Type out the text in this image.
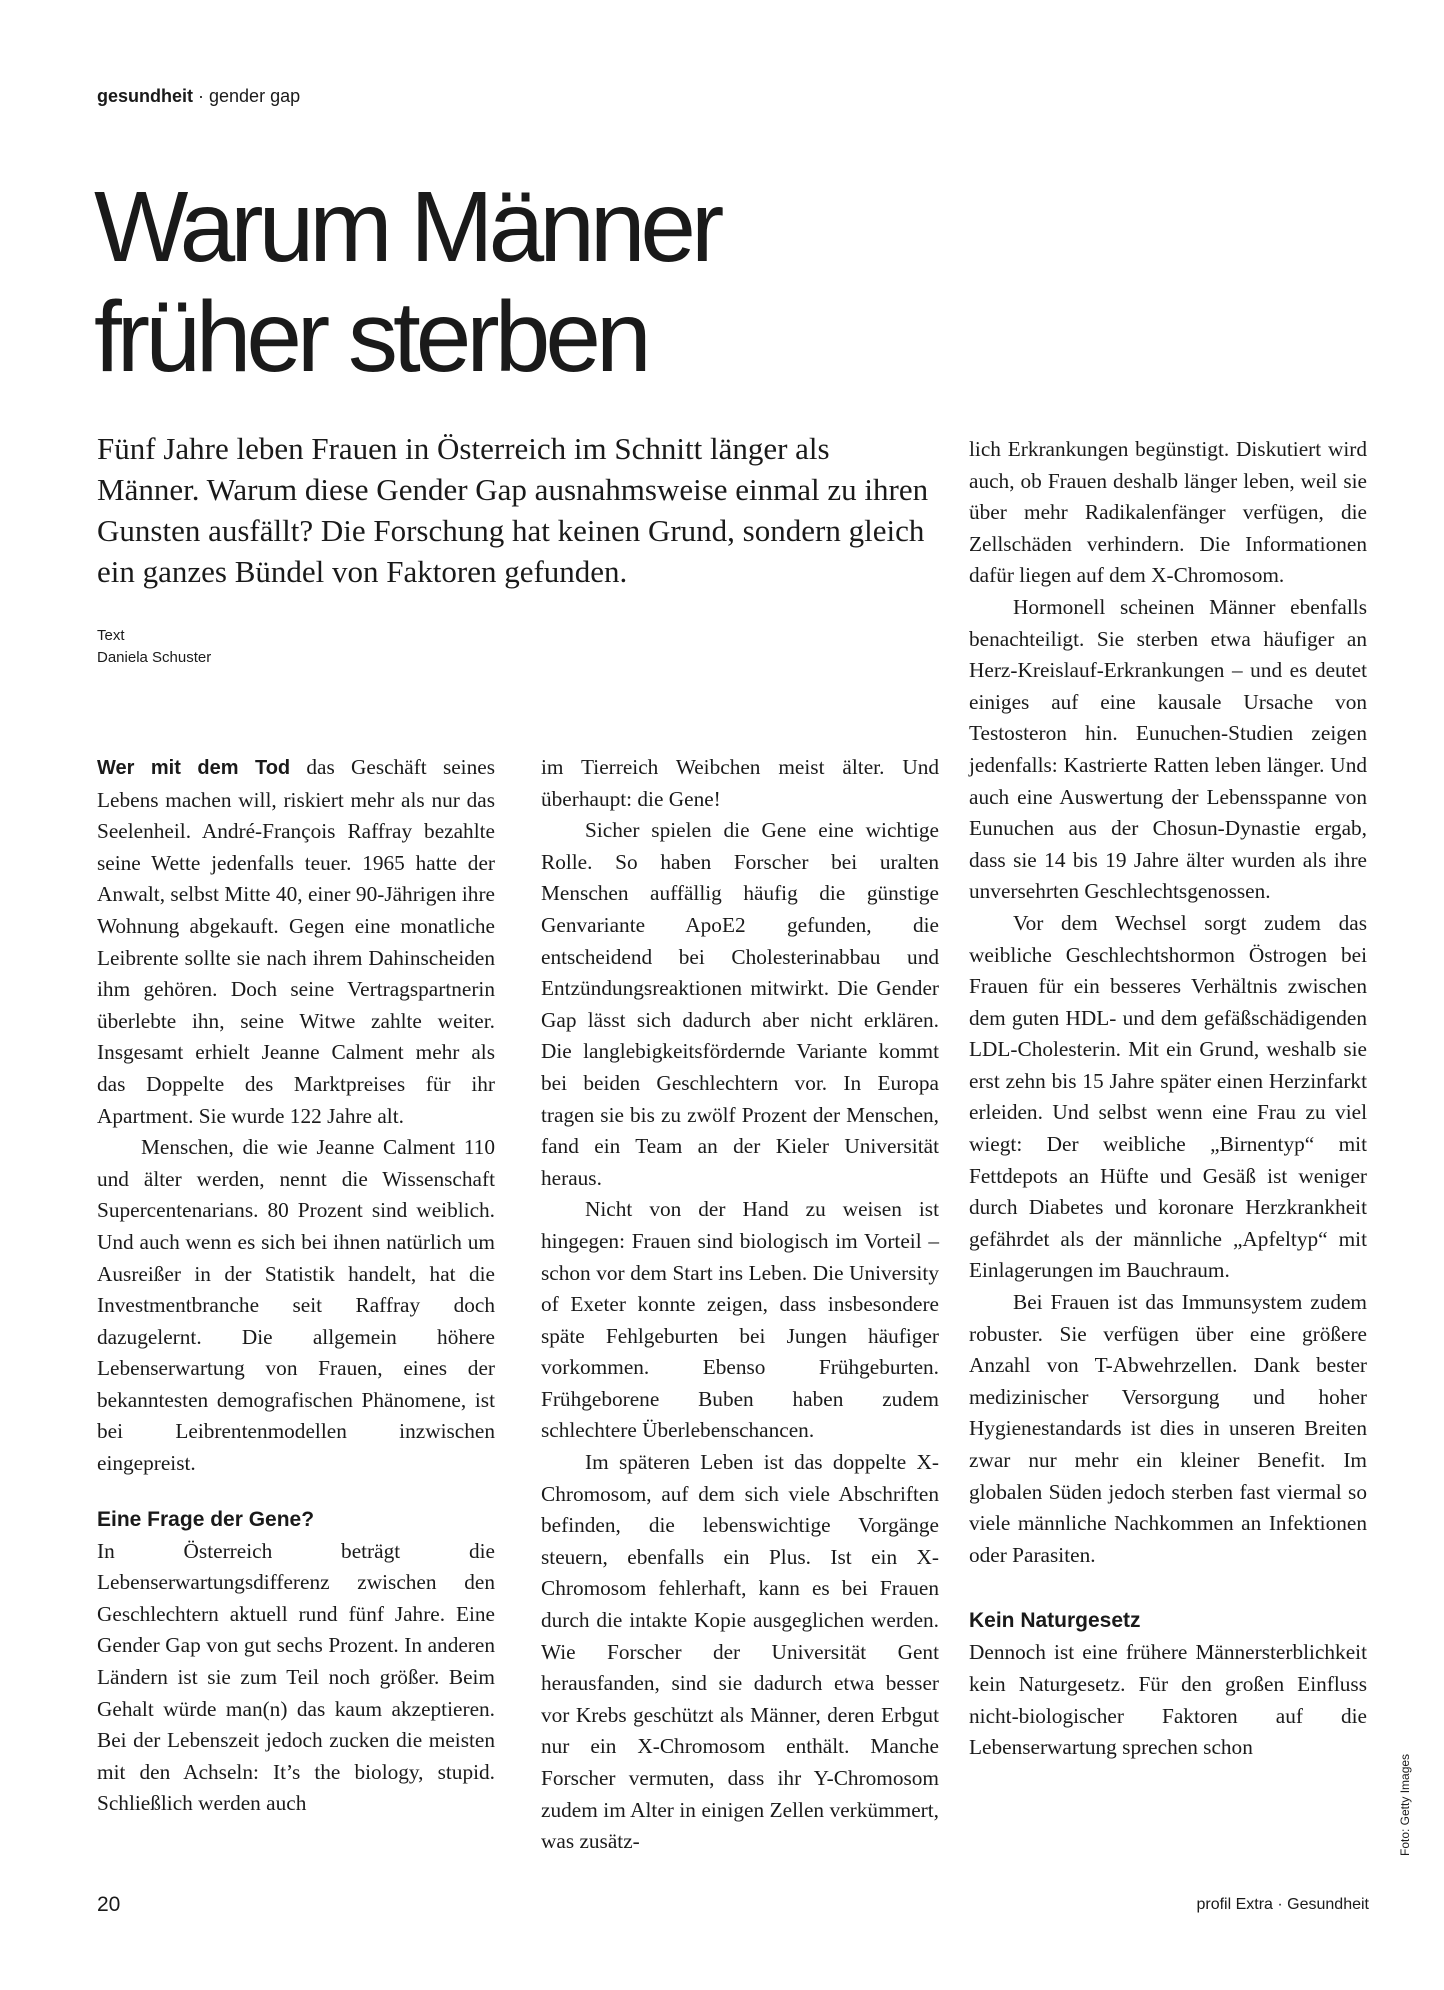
gesundheit · gender gap
Warum Männer
früher sterben

Fünf Jahre leben Frauen in Österreich im Schnitt länger als Männer. Warum diese Gender Gap ausnahmsweise einmal zu ihren Gunsten ausfällt? Die Forschung hat keinen Grund, sondern gleich ein ganzes Bündel von Faktoren gefunden.

Text
Daniela Schuster

Wer mit dem Tod das Geschäft seines Lebens machen will, riskiert mehr als nur das Seelenheil. André-François Raffray bezahlte seine Wette jedenfalls teuer. 1965 hatte der Anwalt, selbst Mitte 40, einer 90-Jährigen ihre Wohnung abgekauft. Gegen eine monatliche Leibrente sollte sie nach ihrem Dahinscheiden ihm gehören. Doch seine Vertragspartnerin überlebte ihn, seine Witwe zahlte weiter. Insgesamt erhielt Jeanne Calment mehr als das Doppelte des Marktpreises für ihr Apartment. Sie wurde 122 Jahre alt.

Menschen, die wie Jeanne Calment 110 und älter werden, nennt die Wissenschaft Supercentenarians. 80 Prozent sind weiblich. Und auch wenn es sich bei ihnen natürlich um Ausreißer in der Statistik handelt, hat die Investmentbranche seit Raffray doch dazugelernt. Die allgemein höhere Lebenserwartung von Frauen, eines der bekanntesten demografischen Phänomene, ist bei Leibrentenmodellen inzwischen eingepreist.

Eine Frage der Gene?

In Österreich beträgt die Lebenserwartungsdifferenz zwischen den Geschlechtern aktuell rund fünf Jahre. Eine Gender Gap von gut sechs Prozent. In anderen Ländern ist sie zum Teil noch größer. Beim Gehalt würde man(n) das kaum akzeptieren. Bei der Lebenszeit jedoch zucken die meisten mit den Achseln: It’s the biology, stupid. Schließlich werden auch

im Tierreich Weibchen meist älter. Und überhaupt: die Gene!

Sicher spielen die Gene eine wichtige Rolle. So haben Forscher bei uralten Menschen auffällig häufig die günstige Genvariante ApoE2 gefunden, die entscheidend bei Cholesterinabbau und Entzündungsreaktionen mitwirkt. Die Gender Gap lässt sich dadurch aber nicht erklären. Die langlebigkeitsfördernde Variante kommt bei beiden Geschlechtern vor. In Europa tragen sie bis zu zwölf Prozent der Menschen, fand ein Team an der Kieler Universität heraus.

Nicht von der Hand zu weisen ist hingegen: Frauen sind biologisch im Vorteil – schon vor dem Start ins Leben. Die University of Exeter konnte zeigen, dass insbesondere späte Fehlgeburten bei Jungen häufiger vorkommen. Ebenso Frühgeburten. Frühgeborene Buben haben zudem schlechtere Überlebenschancen.

Im späteren Leben ist das doppelte X-Chromosom, auf dem sich viele Abschriften befinden, die lebenswichtige Vorgänge steuern, ebenfalls ein Plus. Ist ein X-Chromosom fehlerhaft, kann es bei Frauen durch die intakte Kopie ausgeglichen werden. Wie Forscher der Universität Gent herausfanden, sind sie dadurch etwa besser vor Krebs geschützt als Männer, deren Erbgut nur ein X-Chromosom enthält. Manche Forscher vermuten, dass ihr Y-Chromosom zudem im Alter in einigen Zellen verkümmert, was zusätz-

lich Erkrankungen begünstigt. Diskutiert wird auch, ob Frauen deshalb länger leben, weil sie über mehr Radikalenfänger verfügen, die Zellschäden verhindern. Die Informationen dafür liegen auf dem X-Chromosom.

Hormonell scheinen Männer ebenfalls benachteiligt. Sie sterben etwa häufiger an Herz-Kreislauf-Erkrankungen – und es deutet einiges auf eine kausale Ursache von Testosteron hin. Eunuchen-Studien zeigen jedenfalls: Kastrierte Ratten leben länger. Und auch eine Auswertung der Lebensspanne von Eunuchen aus der Chosun-Dynastie ergab, dass sie 14 bis 19 Jahre älter wurden als ihre unversehrten Geschlechtsgenossen.

Vor dem Wechsel sorgt zudem das weibliche Geschlechtshormon Östrogen bei Frauen für ein besseres Verhältnis zwischen dem guten HDL- und dem gefäßschädigenden LDL-Cholesterin. Mit ein Grund, weshalb sie erst zehn bis 15 Jahre später einen Herzinfarkt erleiden. Und selbst wenn eine Frau zu viel wiegt: Der weibliche „Birnentyp“ mit Fettdepots an Hüfte und Gesäß ist weniger durch Diabetes und koronare Herzkrankheit gefährdet als der männliche „Apfeltyp“ mit Einlagerungen im Bauchraum.

Bei Frauen ist das Immunsystem zudem robuster. Sie verfügen über eine größere Anzahl von T-Abwehrzellen. Dank bester medizinischer Versorgung und hoher Hygienestandards ist dies in unseren Breiten zwar nur mehr ein kleiner Benefit. Im globalen Süden jedoch sterben fast viermal so viele männliche Nachkommen an Infektionen oder Parasiten.

Kein Naturgesetz

Dennoch ist eine frühere Männersterblichkeit kein Naturgesetz. Für den großen Einfluss nicht-biologischer Faktoren auf die Lebenserwartung sprechen schon

Foto: Getty Images
20	profil Extra · Gesundheit
